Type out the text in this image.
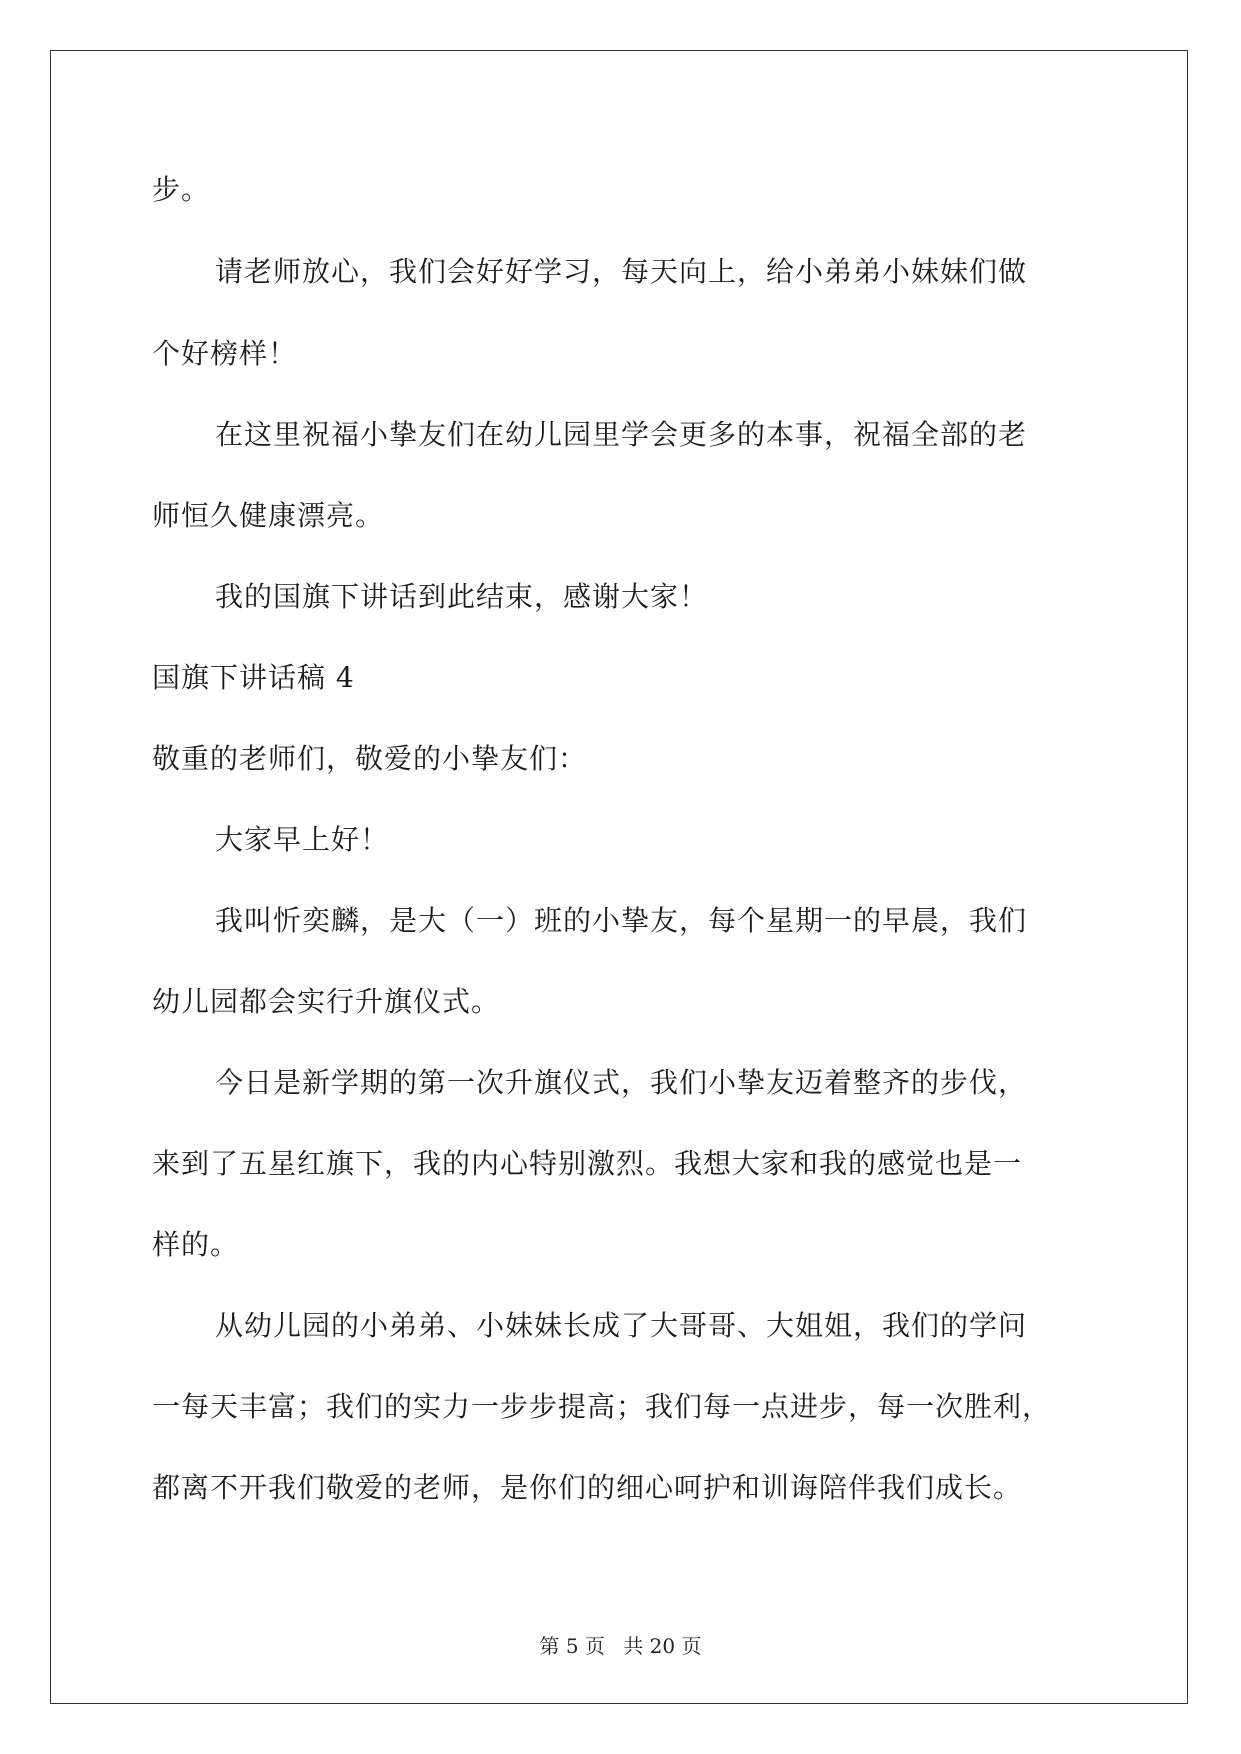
步。
请老师放心，我们会好好学习，每天向上，给小弟弟小妹妹们做
个好榜样！
在这里祝福小挚友们在幼儿园里学会更多的本事，祝福全部的老
师恒久健康漂亮。
我的国旗下讲话到此结束，感谢大家！
国旗下讲话稿 4
敬重的老师们，敬爱的小挚友们：
大家早上好！
我叫忻奕麟，是大（一）班的小挚友，每个星期一的早晨，我们
幼儿园都会实行升旗仪式。
今日是新学期的第一次升旗仪式，我们小挚友迈着整齐的步伐，
来到了五星红旗下，我的内心特别激烈。我想大家和我的感觉也是一
样的。
从幼儿园的小弟弟、小妹妹长成了大哥哥、大姐姐，我们的学问
一每天丰富；我们的实力一步步提高；我们每一点进步，每一次胜利，
都离不开我们敬爱的老师，是你们的细心呵护和训诲陪伴我们成长。
第 5 页 共 20 页
